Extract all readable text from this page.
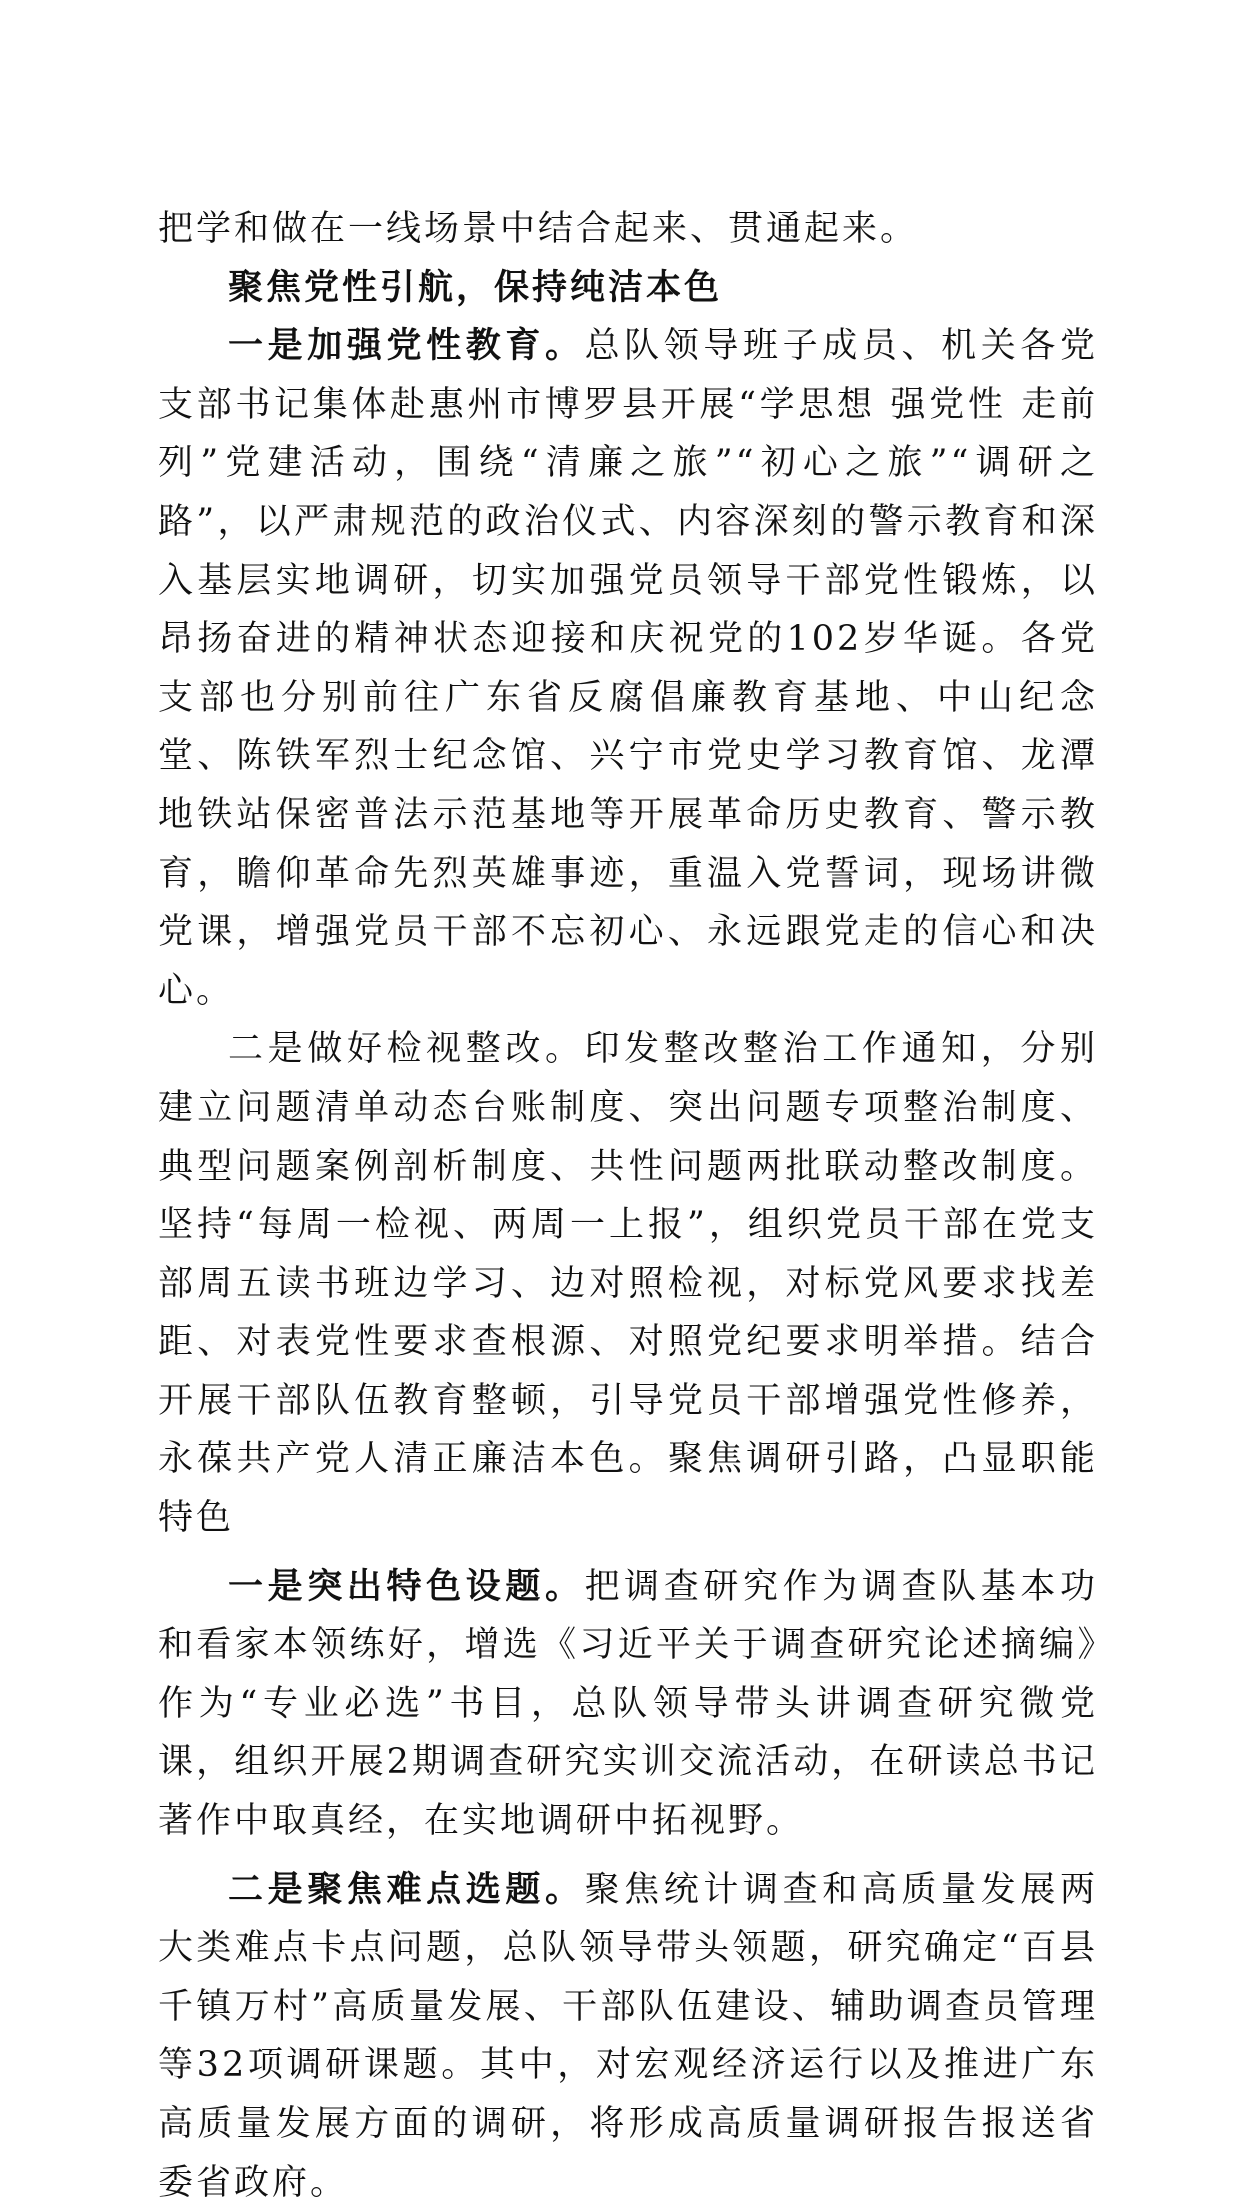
把学和做在一线场景中结合起来、贯通起来。

聚焦党性引航，保持纯洁本色

一是加强党性教育。总队领导班子成员、机关各党支部书记集体赴惠州市博罗县开展“学思想 强党性 走前列”党建活动，围绕“清廉之旅”“初心之旅”“调研之路”，以严肃规范的政治仪式、内容深刻的警示教育和深入基层实地调研，切实加强党员领导干部党性锻炼，以昂扬奋进的精神状态迎接和庆祝党的102岁华诞。各党支部也分别前往广东省反腐倡廉教育基地、中山纪念堂、陈铁军烈士纪念馆、兴宁市党史学习教育馆、龙潭地铁站保密普法示范基地等开展革命历史教育、警示教育，瞻仰革命先烈英雄事迹，重温入党誓词，现场讲微党课，增强党员干部不忘初心、永远跟党走的信心和决心。

二是做好检视整改。印发整改整治工作通知，分别建立问题清单动态台账制度、突出问题专项整治制度、典型问题案例剖析制度、共性问题两批联动整改制度。坚持“每周一检视、两周一上报”，组织党员干部在党支部周五读书班边学习、边对照检视，对标党风要求找差距、对表党性要求查根源、对照党纪要求明举措。结合开展干部队伍教育整顿，引导党员干部增强党性修养，永葆共产党人清正廉洁本色。聚焦调研引路，凸显职能特色

一是突出特色设题。把调查研究作为调查队基本功和看家本领练好，增选《习近平关于调查研究论述摘编》作为“专业必选”书目，总队领导带头讲调查研究微党课，组织开展2期调查研究实训交流活动，在研读总书记著作中取真经，在实地调研中拓视野。

二是聚焦难点选题。聚焦统计调查和高质量发展两大类难点卡点问题，总队领导带头领题，研究确定“百县千镇万村”高质量发展、干部队伍建设、辅助调查员管理等32项调研课题。其中，对宏观经济运行以及推进广东高质量发展方面的调研，将形成高质量调研报告报送省委省政府。
